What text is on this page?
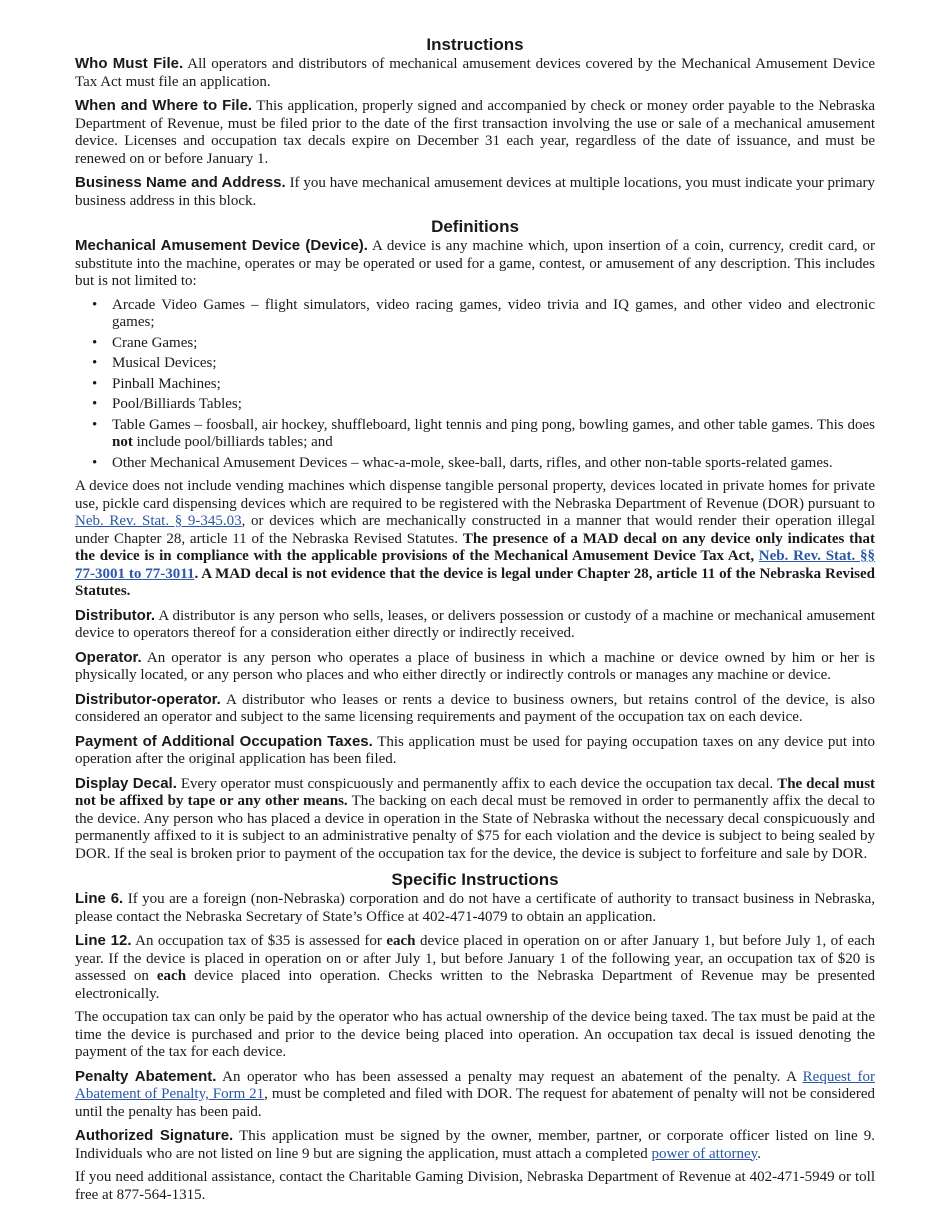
Instructions

Who Must File. All operators and distributors of mechanical amusement devices covered by the Mechanical Amusement Device Tax Act must file an application.

When and Where to File. This application, properly signed and accompanied by check or money order payable to the Nebraska Department of Revenue, must be filed prior to the date of the first transaction involving the use or sale of a mechanical amusement device. Licenses and occupation tax decals expire on December 31 each year, regardless of the date of issuance, and must be renewed on or before January 1.

Business Name and Address. If you have mechanical amusement devices at multiple locations, you must indicate your primary business address in this block.

Definitions

Mechanical Amusement Device (Device). A device is any machine which, upon insertion of a coin, currency, credit card, or substitute into the machine, operates or may be operated or used for a game, contest, or amusement of any description. This includes but is not limited to:

• Arcade Video Games – flight simulators, video racing games, video trivia and IQ games, and other video and electronic games;
• Crane Games;
• Musical Devices;
• Pinball Machines;
• Pool/Billiards Tables;
• Table Games – foosball, air hockey, shuffleboard, light tennis and ping pong, bowling games, and other table games. This does not include pool/billiards tables; and
• Other Mechanical Amusement Devices – whac-a-mole, skee-ball, darts, rifles, and other non-table sports-related games.

A device does not include vending machines which dispense tangible personal property, devices located in private homes for private use, pickle card dispensing devices which are required to be registered with the Nebraska Department of Revenue (DOR) pursuant to Neb. Rev. Stat. § 9-345.03, or devices which are mechanically constructed in a manner that would render their operation illegal under Chapter 28, article 11 of the Nebraska Revised Statutes. The presence of a MAD decal on any device only indicates that the device is in compliance with the applicable provisions of the Mechanical Amusement Device Tax Act, Neb. Rev. Stat. §§ 77-3001 to 77-3011. A MAD decal is not evidence that the device is legal under Chapter 28, article 11 of the Nebraska Revised Statutes.

Distributor. A distributor is any person who sells, leases, or delivers possession or custody of a machine or mechanical amusement device to operators thereof for a consideration either directly or indirectly received.

Operator. An operator is any person who operates a place of business in which a machine or device owned by him or her is physically located, or any person who places and who either directly or indirectly controls or manages any machine or device.

Distributor-operator. A distributor who leases or rents a device to business owners, but retains control of the device, is also considered an operator and subject to the same licensing requirements and payment of the occupation tax on each device.

Payment of Additional Occupation Taxes. This application must be used for paying occupation taxes on any device put into operation after the original application has been filed.

Display Decal. Every operator must conspicuously and permanently affix to each device the occupation tax decal. The decal must not be affixed by tape or any other means. The backing on each decal must be removed in order to permanently affix the decal to the device. Any person who has placed a device in operation in the State of Nebraska without the necessary decal conspicuously and permanently affixed to it is subject to an administrative penalty of $75 for each violation and the device is subject to being sealed by DOR. If the seal is broken prior to payment of the occupation tax for the device, the device is subject to forfeiture and sale by DOR.

Specific Instructions

Line 6. If you are a foreign (non-Nebraska) corporation and do not have a certificate of authority to transact business in Nebraska, please contact the Nebraska Secretary of State’s Office at 402-471-4079 to obtain an application.

Line 12. An occupation tax of $35 is assessed for each device placed in operation on or after January 1, but before July 1, of each year. If the device is placed in operation on or after July 1, but before January 1 of the following year, an occupation tax of $20 is assessed on each device placed into operation. Checks written to the Nebraska Department of Revenue may be presented electronically.

The occupation tax can only be paid by the operator who has actual ownership of the device being taxed. The tax must be paid at the time the device is purchased and prior to the device being placed into operation. An occupation tax decal is issued denoting the payment of the tax for each device.

Penalty Abatement. An operator who has been assessed a penalty may request an abatement of the penalty. A Request for Abatement of Penalty, Form 21, must be completed and filed with DOR. The request for abatement of penalty will not be considered until the penalty has been paid.

Authorized Signature. This application must be signed by the owner, member, partner, or corporate officer listed on line 9. Individuals who are not listed on line 9 but are signing the application, must attach a completed power of attorney.

If you need additional assistance, contact the Charitable Gaming Division, Nebraska Department of Revenue at 402-471-5949 or toll free at 877-564-1315.
